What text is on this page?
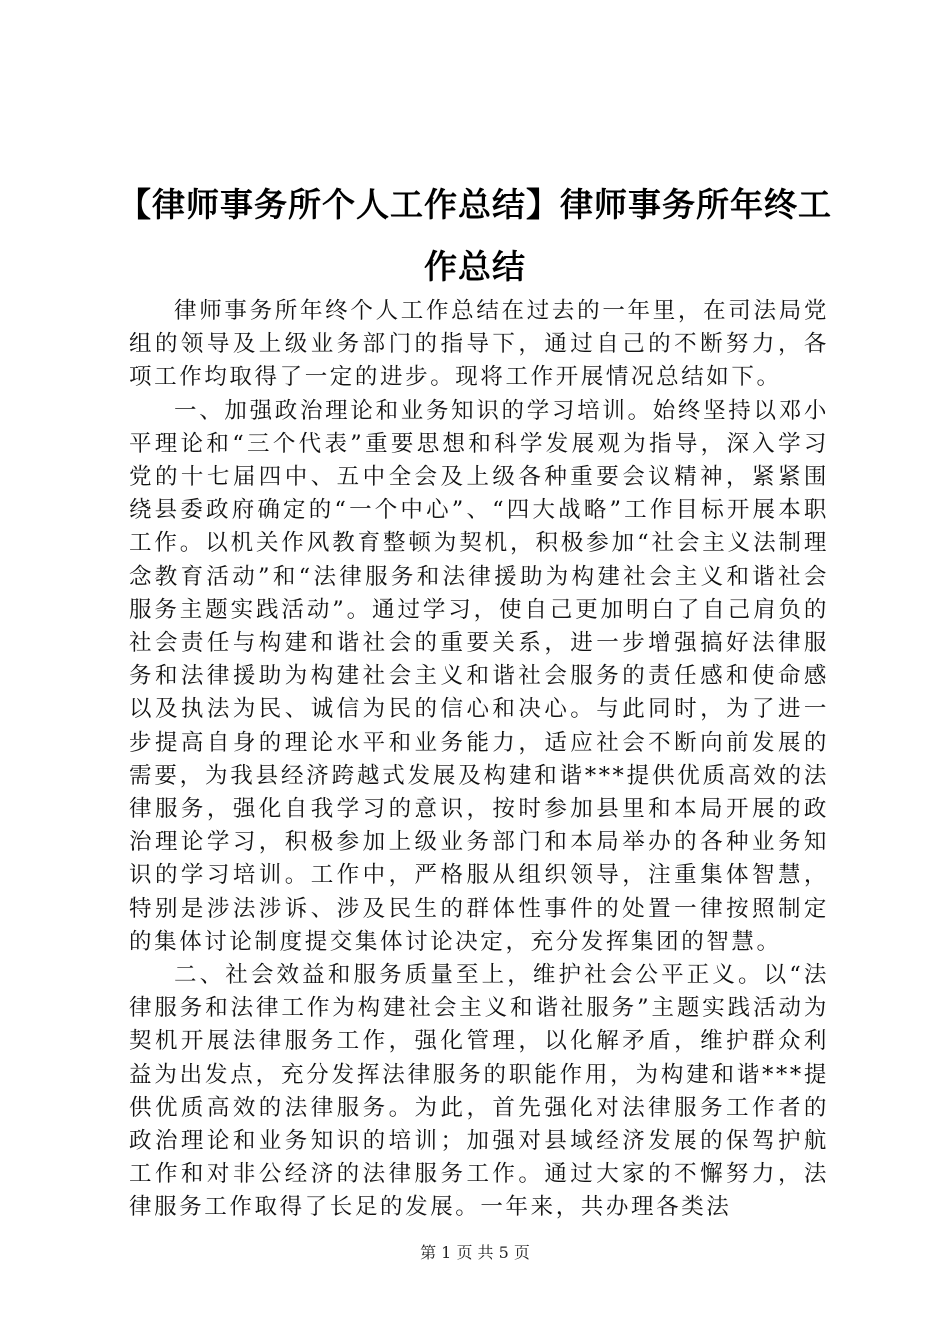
【律师事务所个人工作总结】律师事务所年终工作总结

律师事务所年终个人工作总结在过去的一年里，在司法局党组的领导及上级业务部门的指导下，通过自己的不断努力，各项工作均取得了一定的进步。现将工作开展情况总结如下。

一、加强政治理论和业务知识的学习培训。始终坚持以邓小平理论和“三个代表”重要思想和科学发展观为指导，深入学习党的十七届四中、五中全会及上级各种重要会议精神，紧紧围绕县委政府确定的“一个中心”、“四大战略”工作目标开展本职工作。以机关作风教育整顿为契机，积极参加“社会主义法制理念教育活动”和“法律服务和法律援助为构建社会主义和谐社会服务主题实践活动”。通过学习，使自己更加明白了自己肩负的社会责任与构建和谐社会的重要关系，进一步增强搞好法律服务和法律援助为构建社会主义和谐社会服务的责任感和使命感以及执法为民、诚信为民的信心和决心。与此同时，为了进一步提高自身的理论水平和业务能力，适应社会不断向前发展的需要，为我县经济跨越式发展及构建和谐***提供优质高效的法律服务，强化自我学习的意识，按时参加县里和本局开展的政治理论学习，积极参加上级业务部门和本局举办的各种业务知识的学习培训。工作中，严格服从组织领导，注重集体智慧，特别是涉法涉诉、涉及民生的群体性事件的处置一律按照制定的集体讨论制度提交集体讨论决定，充分发挥集团的智慧。

二、社会效益和服务质量至上，维护社会公平正义。以“法律服务和法律工作为构建社会主义和谐社服务”主题实践活动为契机开展法律服务工作，强化管理，以化解矛盾，维护群众利益为出发点，充分发挥法律服务的职能作用，为构建和谐***提供优质高效的法律服务。为此，首先强化对法律服务工作者的政治理论和业务知识的培训；加强对县域经济发展的保驾护航工作和对非公经济的法律服务工作。通过大家的不懈努力，法律服务工作取得了长足的发展。一年来，共办理各类法

第 1 页 共 5 页
